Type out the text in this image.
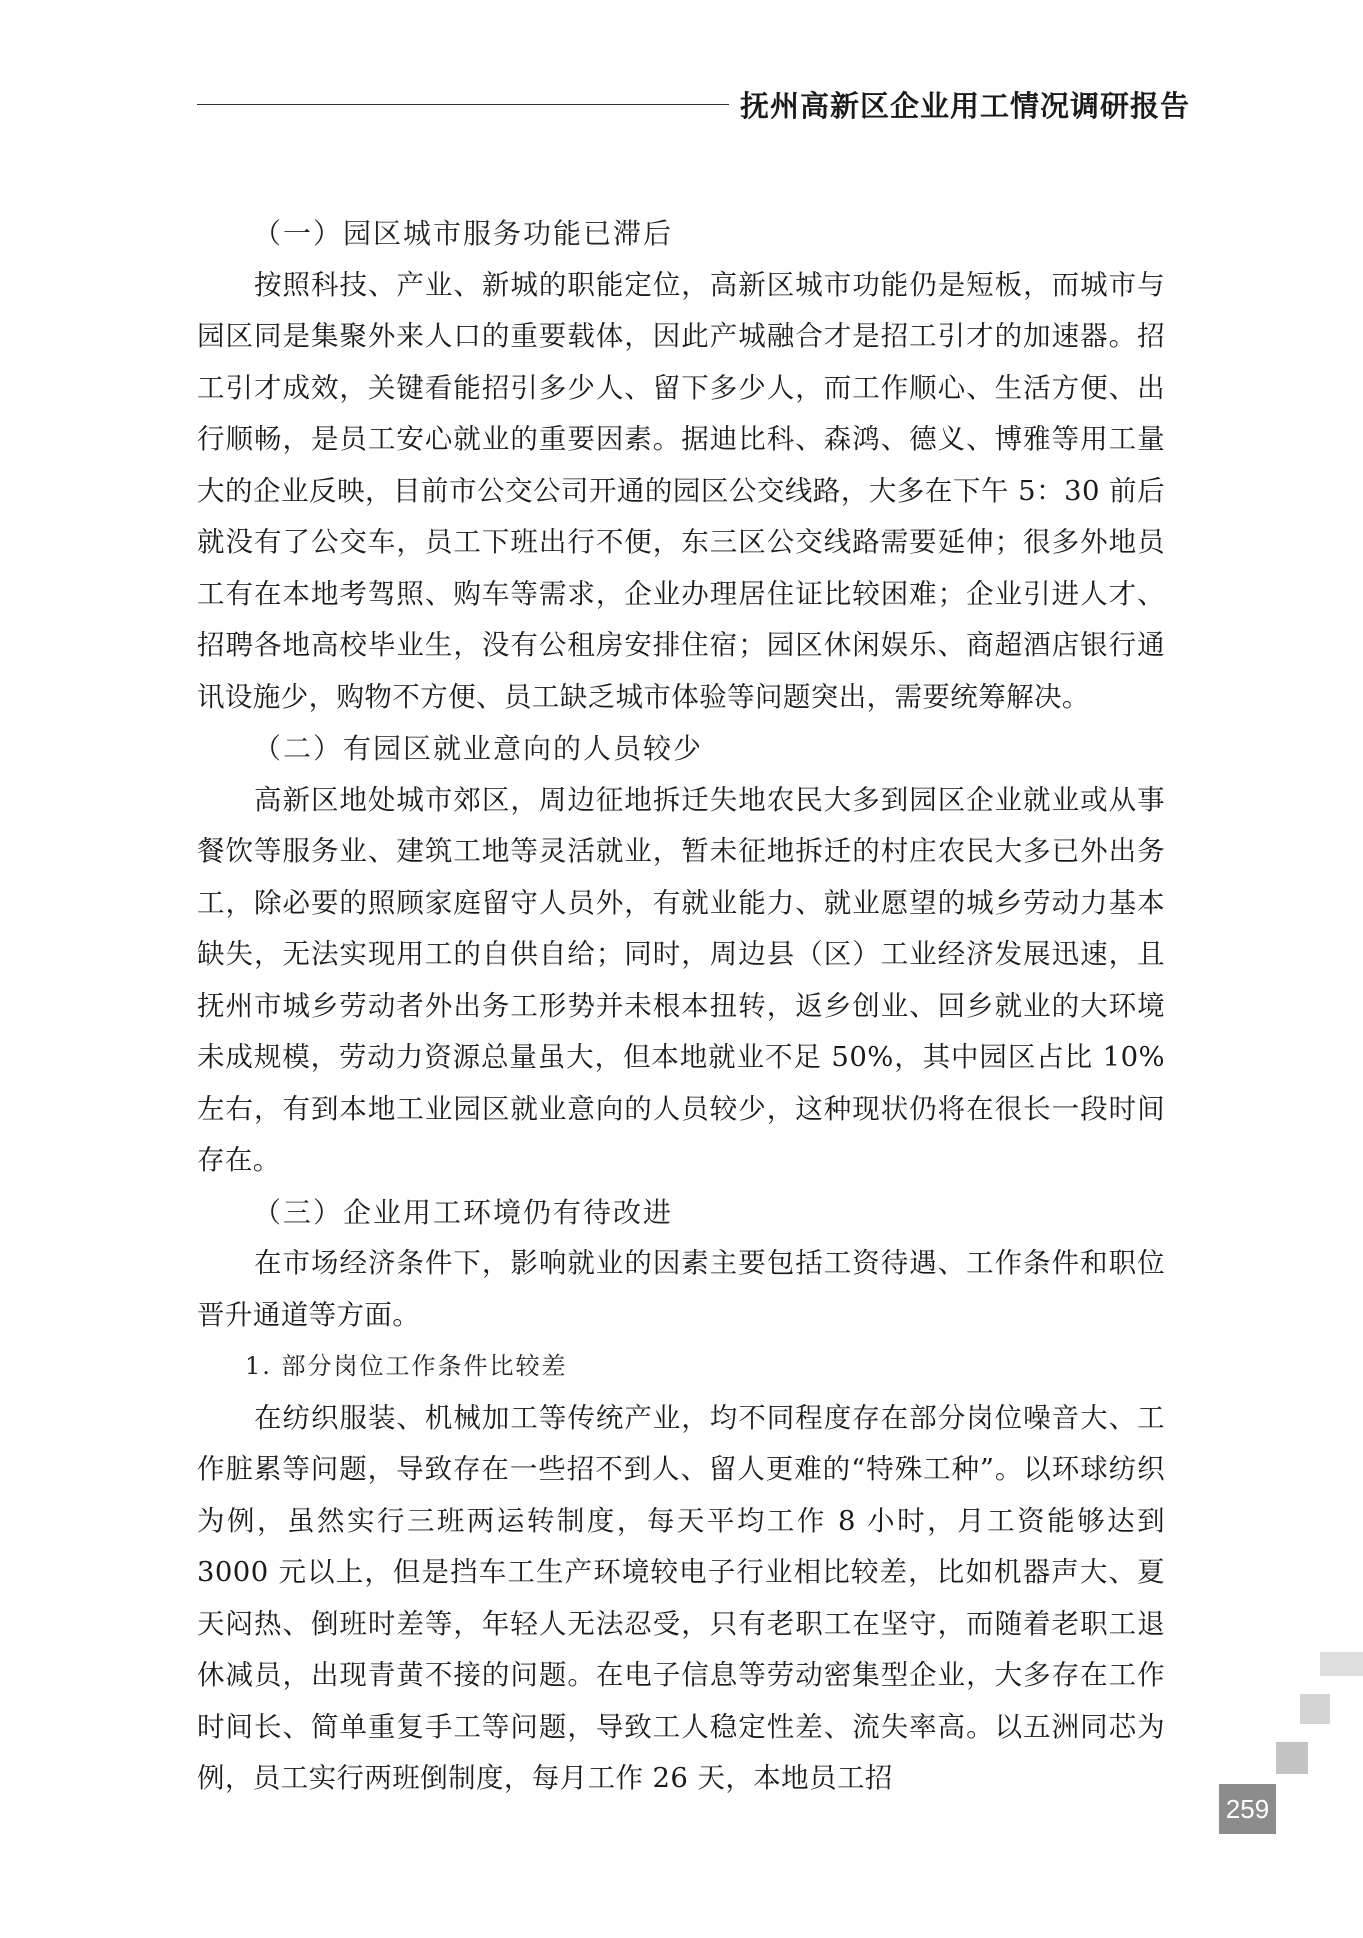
抚州高新区企业用工情况调研报告
（一）园区城市服务功能已滞后

按照科技、产业、新城的职能定位，高新区城市功能仍是短板，而城市与园区同是集聚外来人口的重要载体，因此产城融合才是招工引才的加速器。招工引才成效，关键看能招引多少人、留下多少人，而工作顺心、生活方便、出行顺畅，是员工安心就业的重要因素。据迪比科、森鸿、德义、博雅等用工量大的企业反映，目前市公交公司开通的园区公交线路，大多在下午 5：30 前后就没有了公交车，员工下班出行不便，东三区公交线路需要延伸；很多外地员工有在本地考驾照、购车等需求，企业办理居住证比较困难；企业引进人才、招聘各地高校毕业生，没有公租房安排住宿；园区休闲娱乐、商超酒店银行通讯设施少，购物不方便、员工缺乏城市体验等问题突出，需要统筹解决。

（二）有园区就业意向的人员较少

高新区地处城市郊区，周边征地拆迁失地农民大多到园区企业就业或从事餐饮等服务业、建筑工地等灵活就业，暂未征地拆迁的村庄农民大多已外出务工，除必要的照顾家庭留守人员外，有就业能力、就业愿望的城乡劳动力基本缺失，无法实现用工的自供自给；同时，周边县（区）工业经济发展迅速，且抚州市城乡劳动者外出务工形势并未根本扭转，返乡创业、回乡就业的大环境未成规模，劳动力资源总量虽大，但本地就业不足 50%，其中园区占比 10% 左右，有到本地工业园区就业意向的人员较少，这种现状仍将在很长一段时间存在。

（三）企业用工环境仍有待改进

在市场经济条件下，影响就业的因素主要包括工资待遇、工作条件和职位晋升通道等方面。

1. 部分岗位工作条件比较差

在纺织服装、机械加工等传统产业，均不同程度存在部分岗位噪音大、工作脏累等问题，导致存在一些招不到人、留人更难的“特殊工种”。以环球纺织为例，虽然实行三班两运转制度，每天平均工作 8 小时，月工资能够达到 3000 元以上，但是挡车工生产环境较电子行业相比较差，比如机器声大、夏天闷热、倒班时差等，年轻人无法忍受，只有老职工在坚守，而随着老职工退休减员，出现青黄不接的问题。在电子信息等劳动密集型企业，大多存在工作时间长、简单重复手工等问题，导致工人稳定性差、流失率高。以五洲同芯为例，员工实行两班倒制度，每月工作 26 天，本地员工招

259
